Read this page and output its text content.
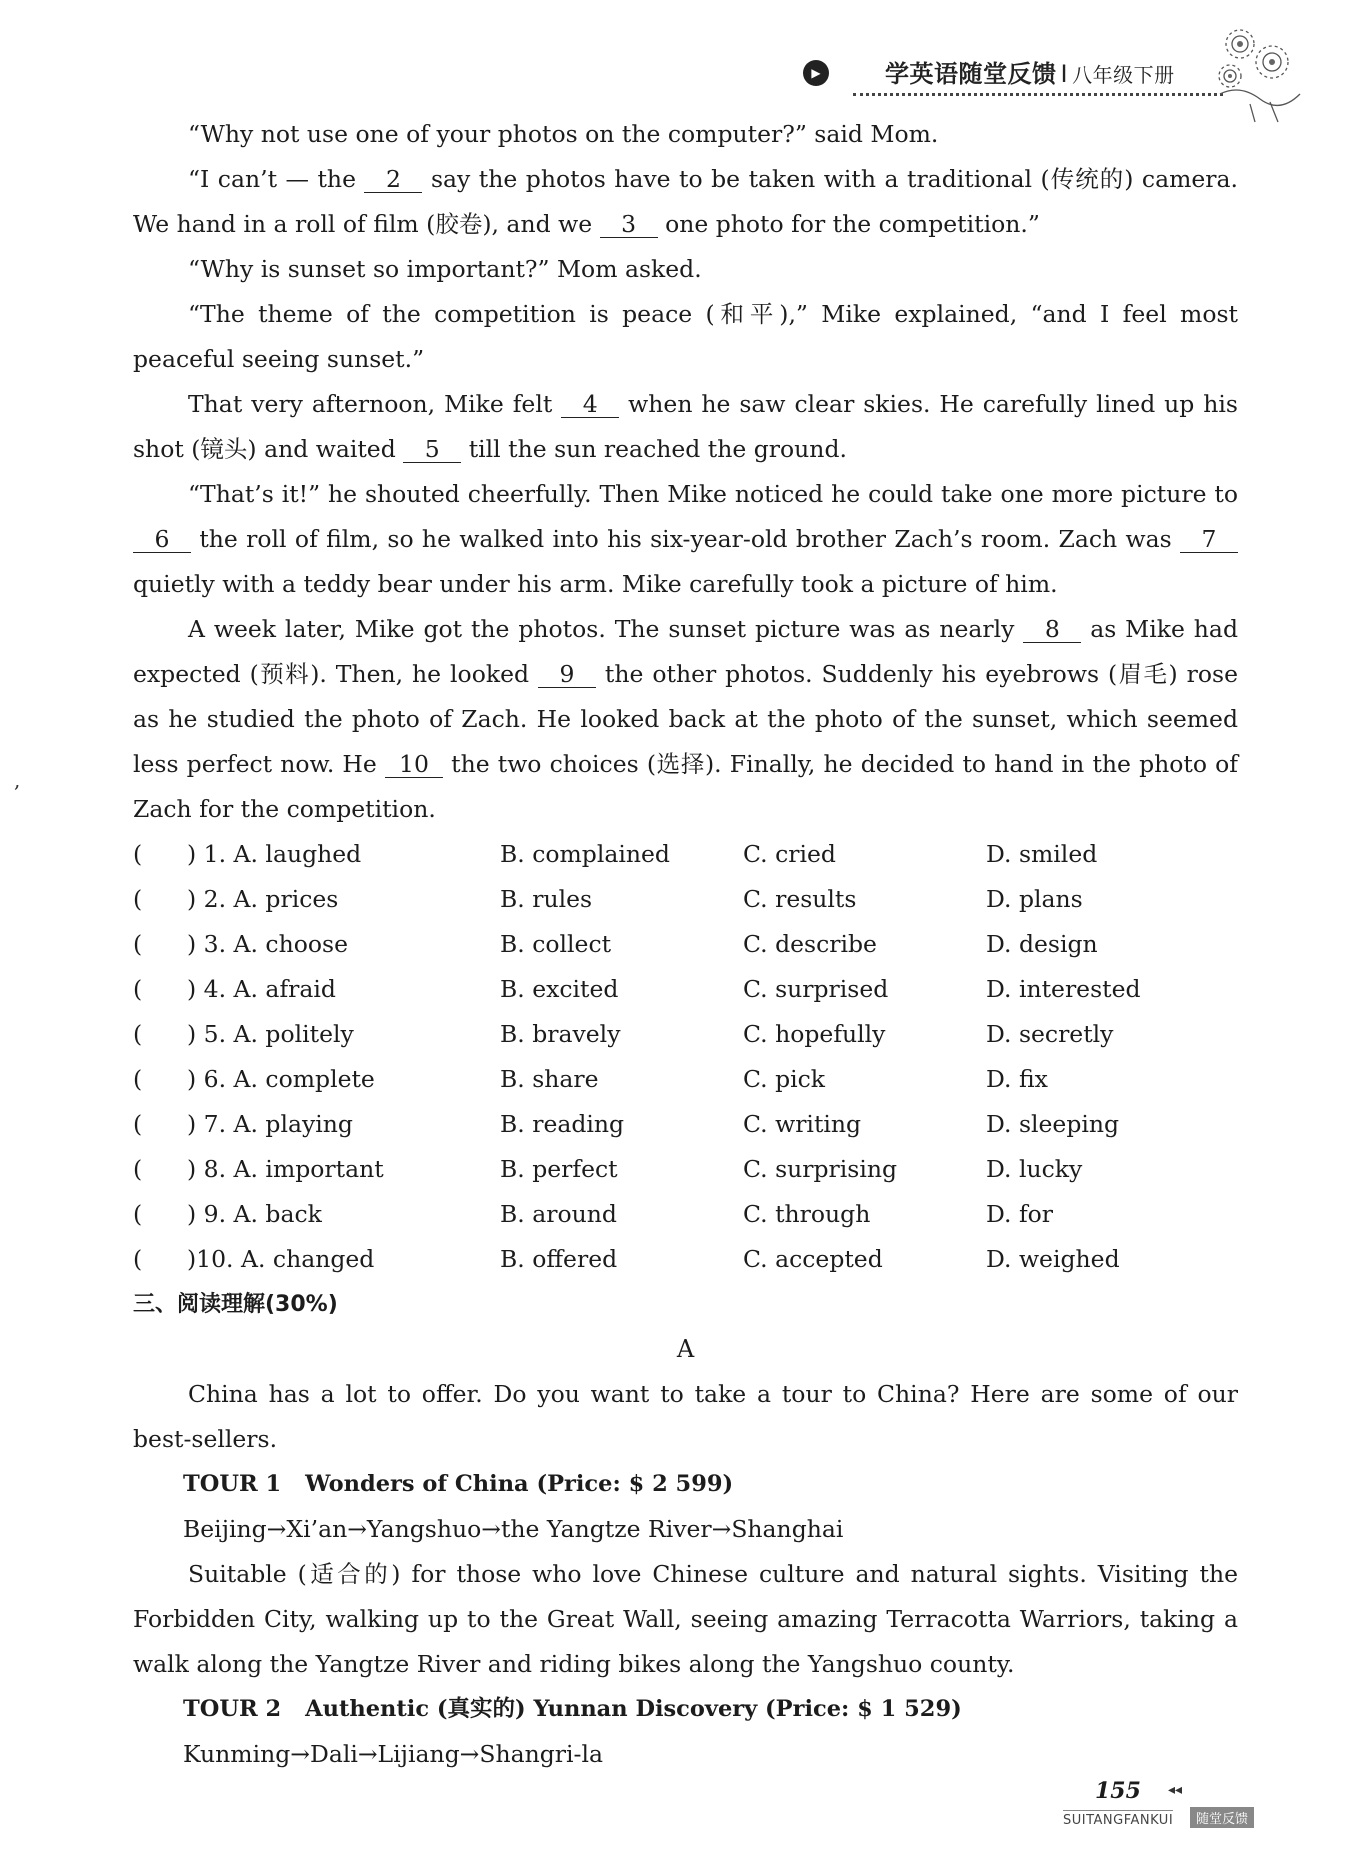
▶	学英语随堂反馈 I 八年级下册

“Why not use one of your photos on the computer?” said Mom.

“I can’t — the 2 say the photos have to be taken with a traditional (传统的) camera. We hand in a roll of film (胶卷), and we 3 one photo for the competition.”

“Why is sunset so important?” Mom asked.

“The theme of the competition is peace (和平),” Mike explained, “and I feel most peaceful seeing sunset.”

That very afternoon, Mike felt 4 when he saw clear skies. He carefully lined up his shot (镜头) and waited 5 till the sun reached the ground.

“That’s it!” he shouted cheerfully. Then Mike noticed he could take one more picture to 6 the roll of film, so he walked into his six-year-old brother Zach’s room. Zach was 7 quietly with a teddy bear under his arm. Mike carefully took a picture of him.

A week later, Mike got the photos. The sunset picture was as nearly 8 as Mike had expected (预料). Then, he looked 9 the other photos. Suddenly his eyebrows (眉毛) rose as he studied the photo of Zach. He looked back at the photo of the sunset, which seemed less perfect now. He 10 the two choices (选择). Finally, he decided to hand in the photo of Zach for the competition.

(      ) 1. A. laughed	B. complained	C. cried	D. smiled
(      ) 2. A. prices	B. rules	C. results	D. plans
(      ) 3. A. choose	B. collect	C. describe	D. design
(      ) 4. A. afraid	B. excited	C. surprised	D. interested
(      ) 5. A. politely	B. bravely	C. hopefully	D. secretly
(      ) 6. A. complete	B. share	C. pick	D. fix
(      ) 7. A. playing	B. reading	C. writing	D. sleeping
(      ) 8. A. important	B. perfect	C. surprising	D. lucky
(      ) 9. A. back	B. around	C. through	D. for
(      )10. A. changed	B. offered	C. accepted	D. weighed

三、阅读理解(30%)

A

China has a lot to offer. Do you want to take a tour to China? Here are some of our best-sellers.

TOUR 1 Wonders of China (Price: $ 2 599)

Beijing→Xi’an→Yangshuo→the Yangtze River→Shanghai

Suitable (适合的) for those who love Chinese culture and natural sights. Visiting the Forbidden City, walking up to the Great Wall, seeing amazing Terracotta Warriors, taking a walk along the Yangtze River and riding bikes along the Yangshuo county.

TOUR 2 Authentic (真实的) Yunnan Discovery (Price: $ 1 529)

Kunming→Dali→Lijiang→Shangri-la

,
155 ◂◂
SUITANGFANKUI	随堂反馈
